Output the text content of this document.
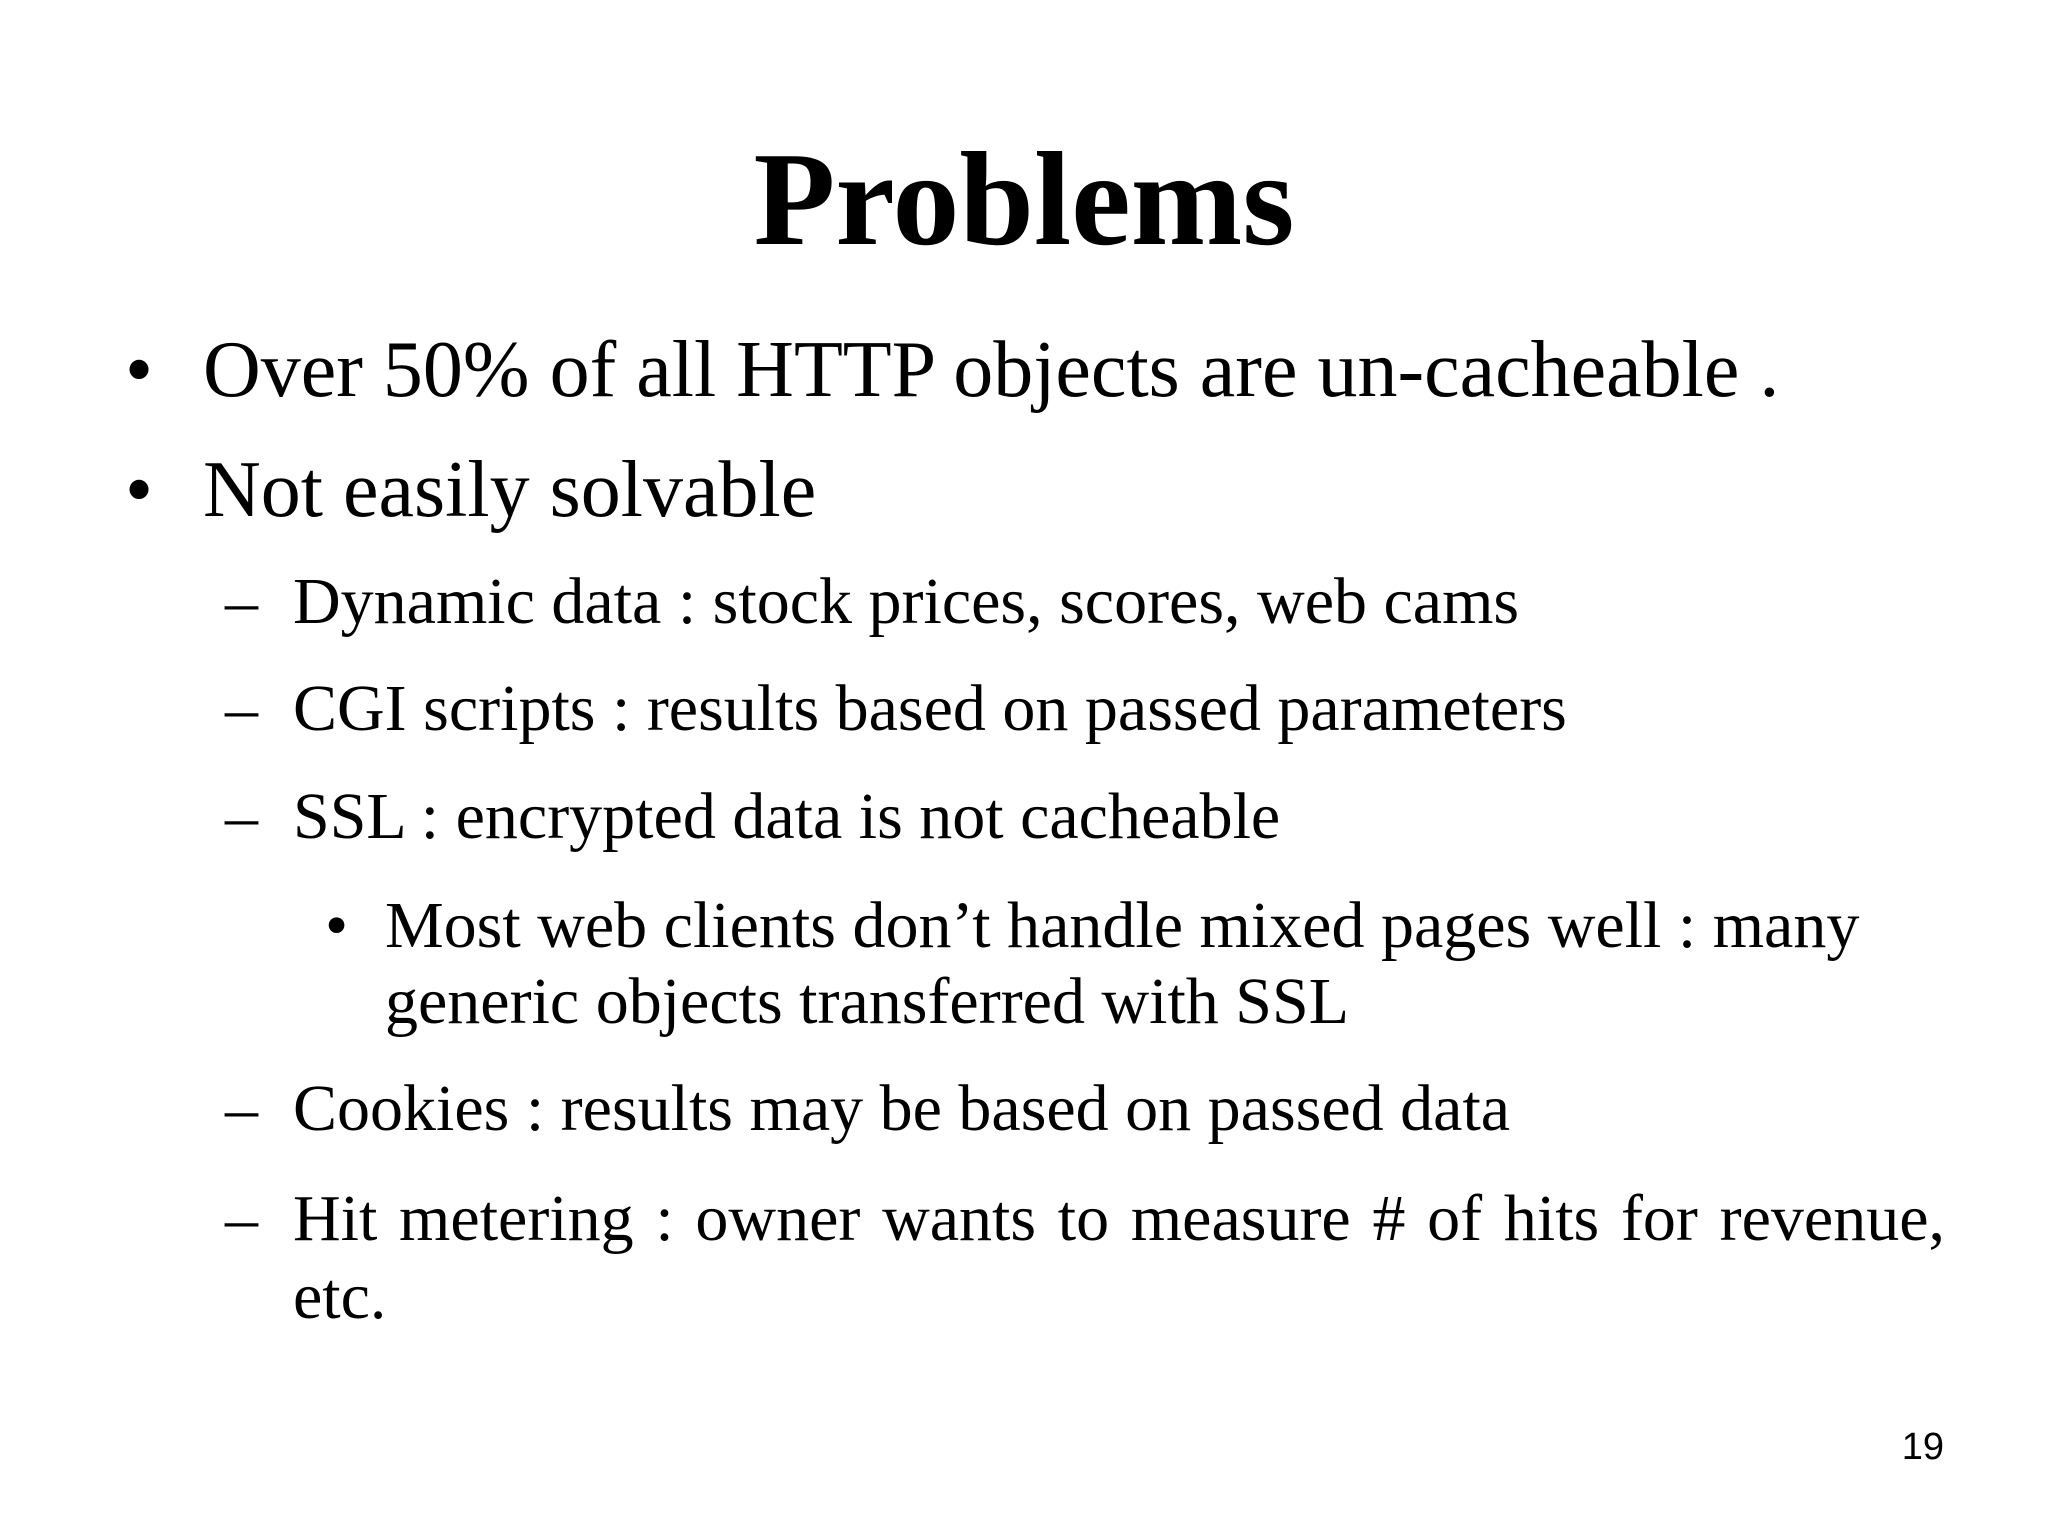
Problems
• Over 50% of all HTTP objects are un-cacheable .
• Not easily solvable
– Dynamic data : stock prices, scores, web cams
– CGI scripts : results based on passed parameters
– SSL : encrypted data is not cacheable
• Most web clients don’t handle mixed pages well : many generic objects transferred with SSL
– Cookies : results may be based on passed data
– Hit metering : owner wants to measure # of hits for revenue, etc.
19
